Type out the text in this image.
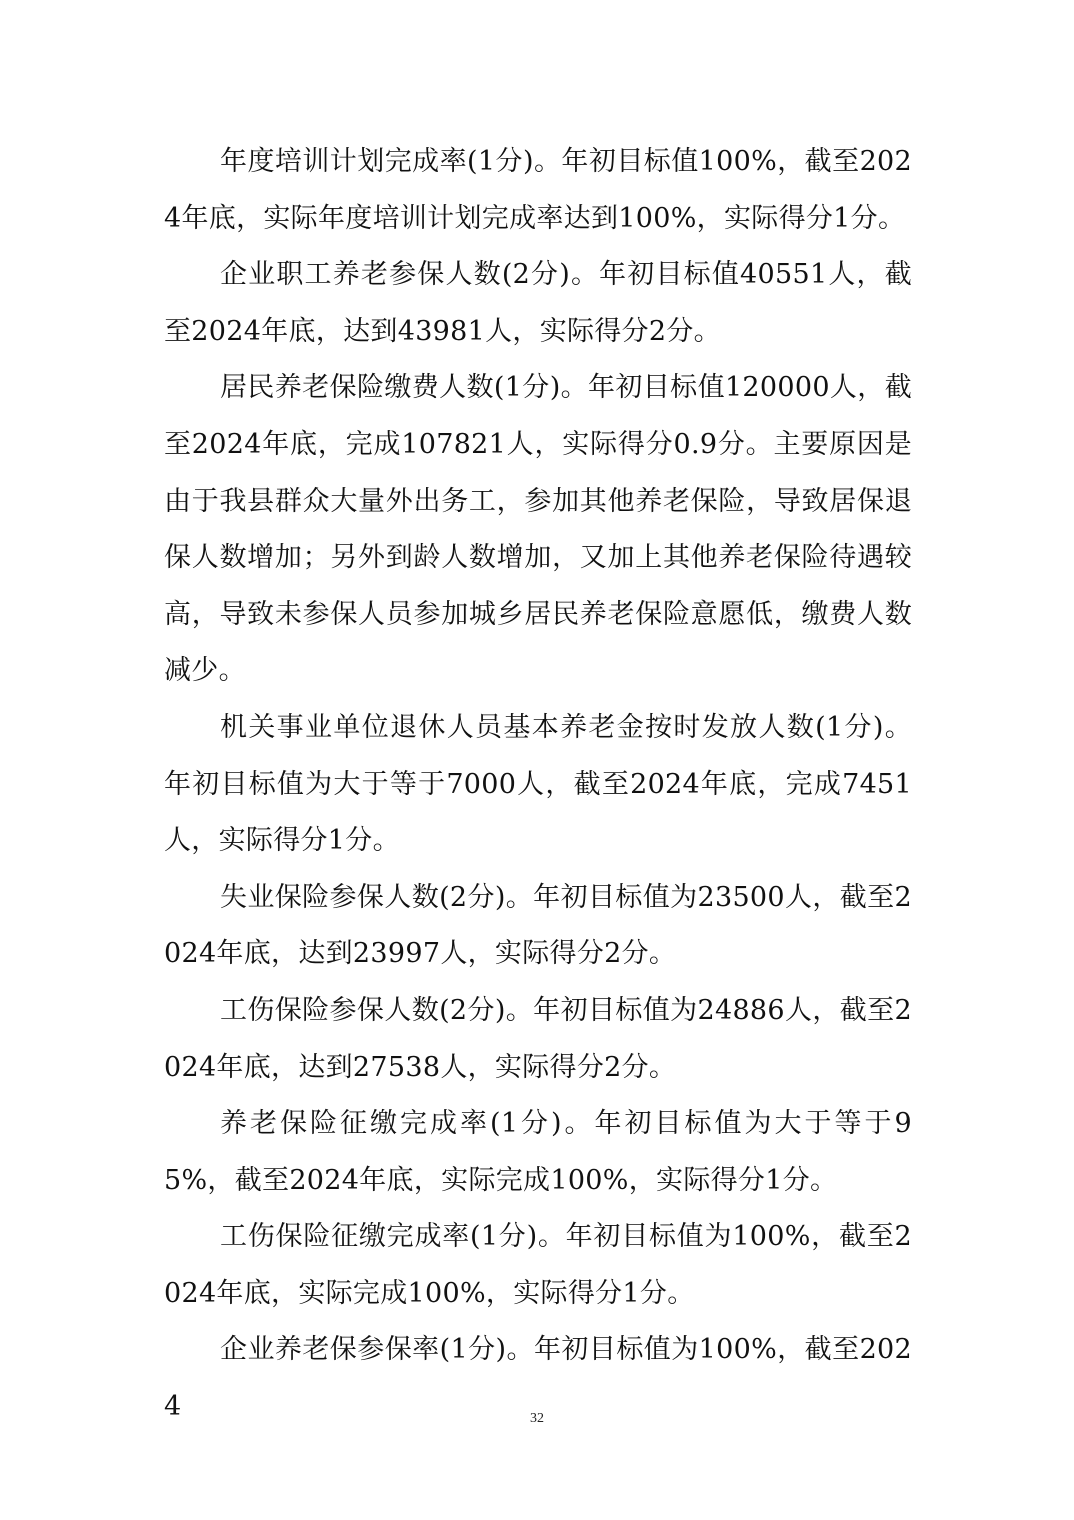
年度培训计划完成率(1分)。年初目标值100%，截至2024年底，实际年度培训计划完成率达到100%，实际得分1分。

企业职工养老参保人数(2分)。年初目标值40551人，截至2024年底，达到43981人，实际得分2分。

居民养老保险缴费人数(1分)。年初目标值120000人，截至2024年底，完成107821人，实际得分0.9分。主要原因是由于我县群众大量外出务工，参加其他养老保险，导致居保退保人数增加；另外到龄人数增加，又加上其他养老保险待遇较高，导致未参保人员参加城乡居民养老保险意愿低，缴费人数减少。

机关事业单位退休人员基本养老金按时发放人数(1分)。年初目标值为大于等于7000人，截至2024年底，完成7451人，实际得分1分。

失业保险参保人数(2分)。年初目标值为23500人，截至2024年底，达到23997人，实际得分2分。

工伤保险参保人数(2分)。年初目标值为24886人，截至2024年底，达到27538人，实际得分2分。

养老保险征缴完成率(1分)。年初目标值为大于等于95%，截至2024年底，实际完成100%，实际得分1分。

工伤保险征缴完成率(1分)。年初目标值为100%，截至2024年底，实际完成100%，实际得分1分。

企业养老保参保率(1分)。年初目标值为100%，截至2024	32
